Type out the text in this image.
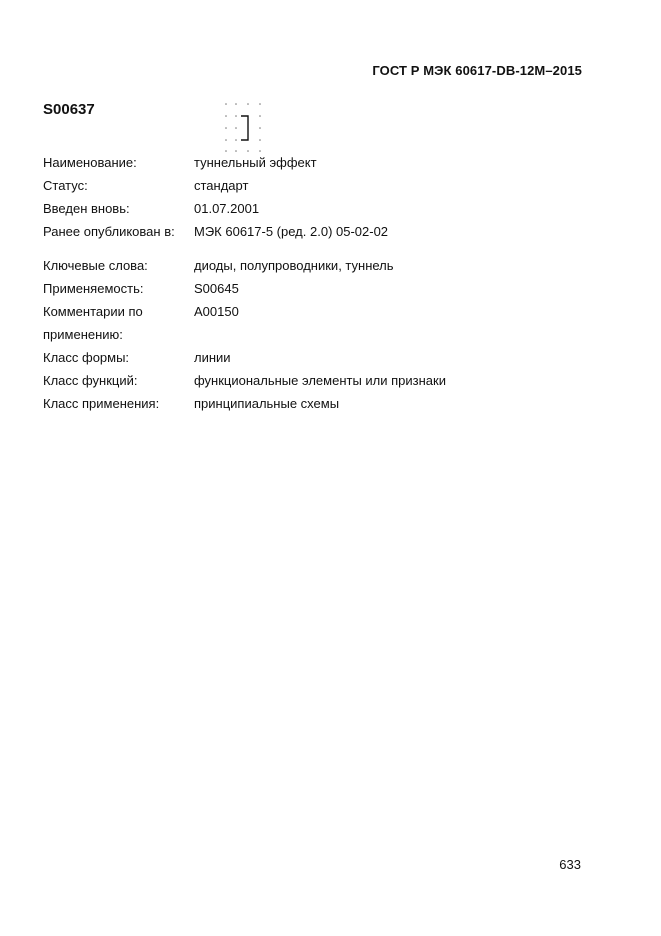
ГОСТ Р МЭК 60617-DB-12M–2015
S00637
Наименование:	туннельный эффект
Статус:	стандарт
Введен вновь:	01.07.2001
Ранее опубликован в:	МЭК 60617-5 (ред. 2.0) 05-02-02
Ключевые слова:	диоды, полупроводники, туннель
Применяемость:	S00645
Комментарии по
применению:
A00150
Класс формы:	линии
Класс функций:	функциональные элементы или признаки
Класс применения:	принципиальные схемы
633
